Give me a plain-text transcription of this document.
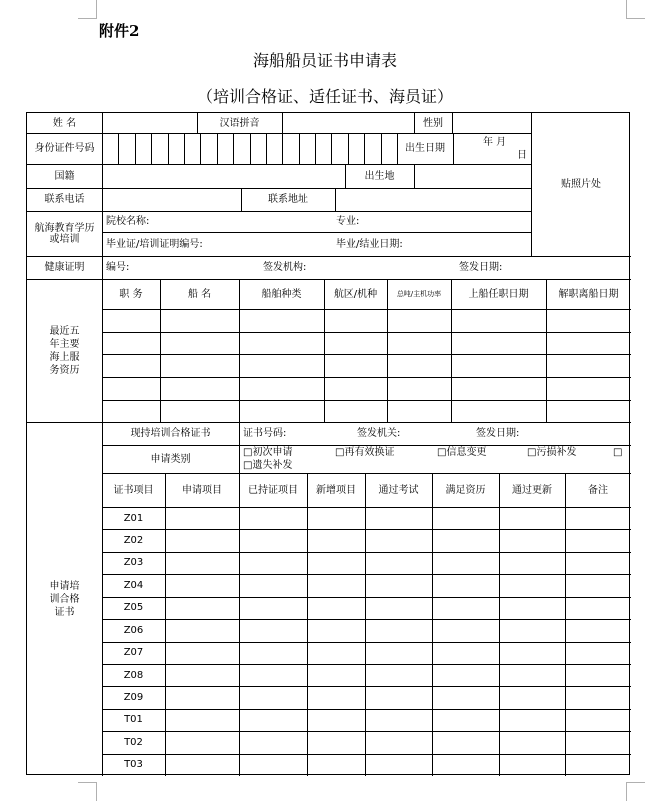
附件2
海船船员证书申请表
（培训合格证、适任证书、海员证）
姓 名	汉语拼音	性别
身份证件号码	出生日期
年 月
日
国籍	出生地
贴照片处
联系电话	联系地址
航海教育学历或培训
院校名称:	专业:
毕业证/培训证明编号:	毕业/结业日期:
健康证明	编号:	签发机构:	签发日期:
最近五年主要海上服务资历
职 务	船 名	船舶种类	航区/机种	总吨/主机功率	上船任职日期	解职离船日期
申请培训合格证书
现持培训合格证书	证书号码:	签发机关:	签发日期:
申请类别
□初次申请	□再有效换证	□信息变更	□污损补发	□
□遗失补发
证书项目	申请项目	已持证项目	新增项目	通过考试	满足资历	通过更新	备注
Z01
Z02
Z03
Z04
Z05
Z06
Z07
Z08
Z09
T01
T02
T03
